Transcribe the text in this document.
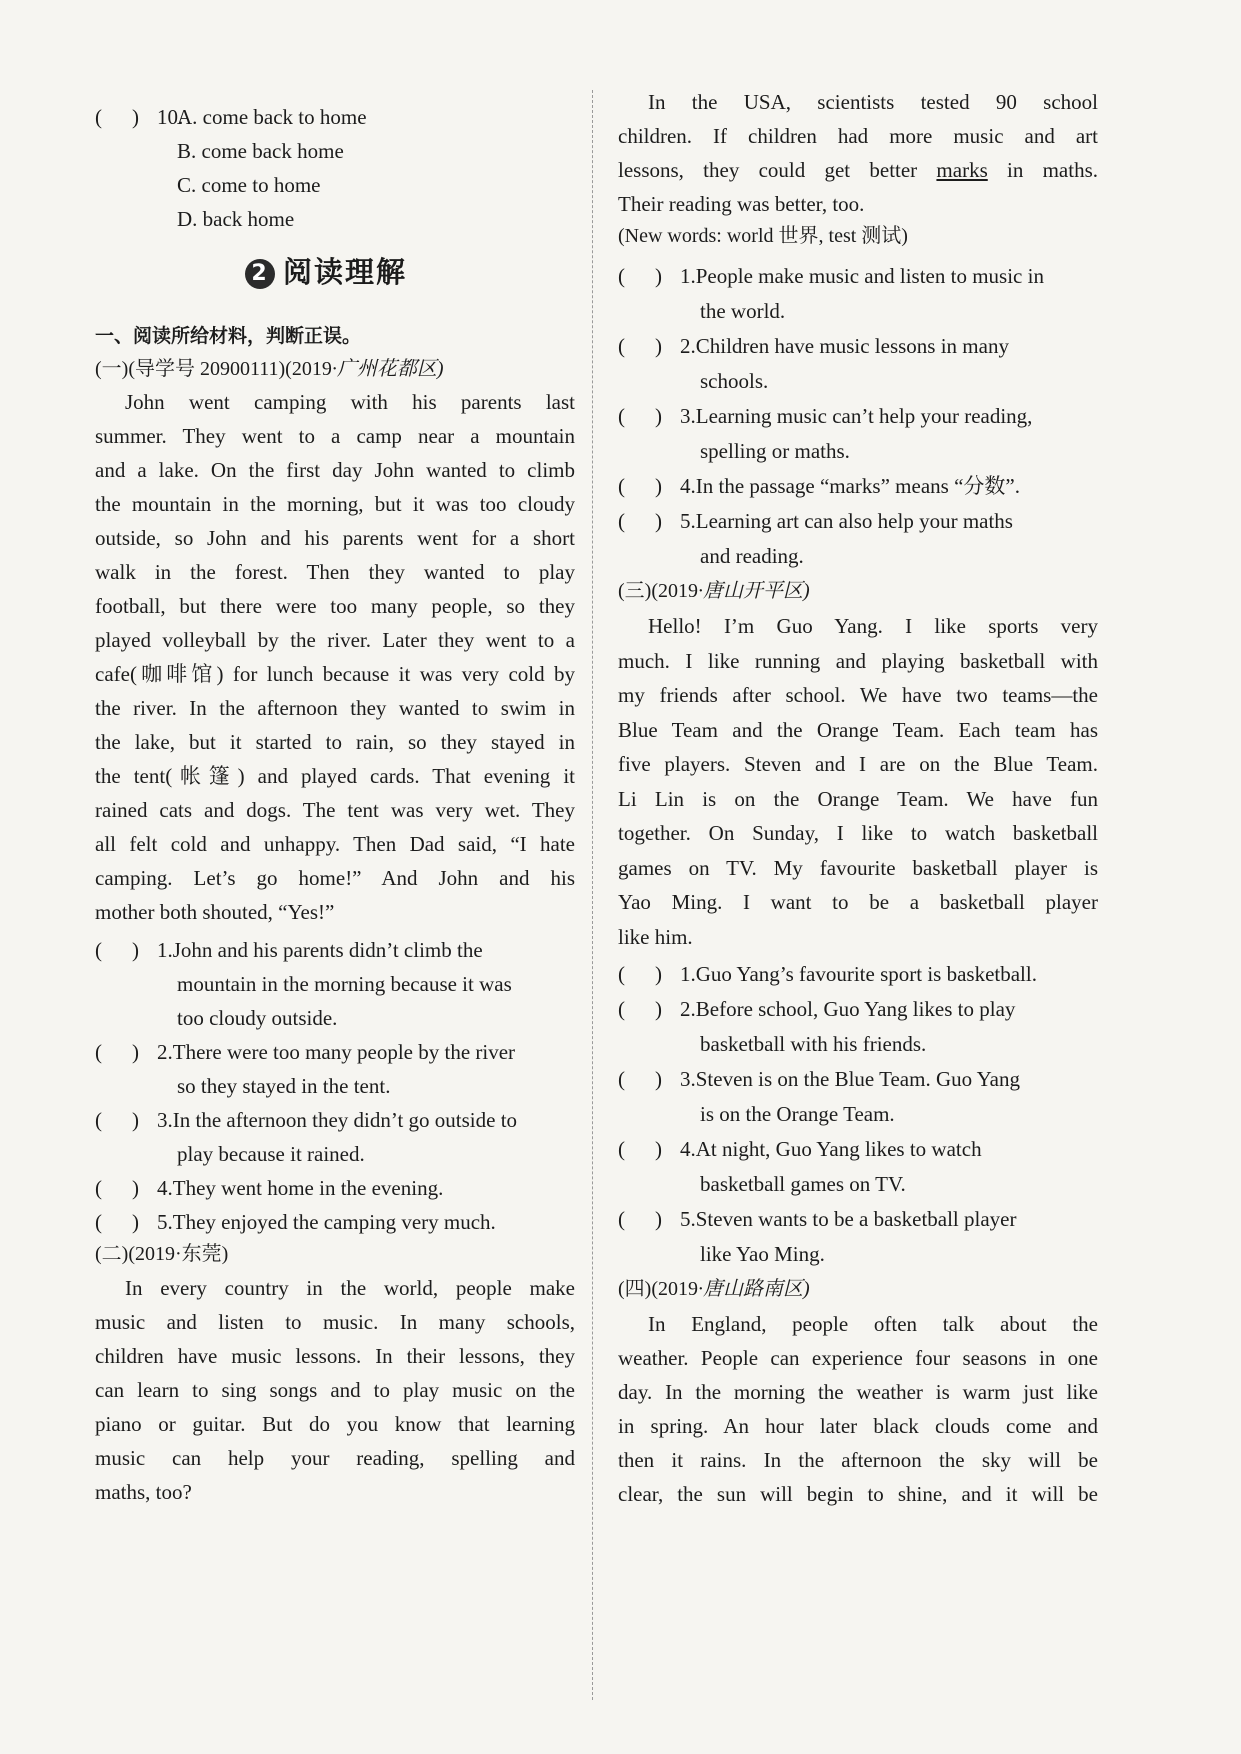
( ) 10.
A. come back to home
B. come back home
C. come to home
D. back home
2 阅读理解
一、阅读所给材料，判断正误。
(一)(导学号 20900111)(2019·广州花都区)
John went camping with his parents last
summer. They went to a camp near a mountain
and a lake. On the first day John wanted to climb
the mountain in the morning, but it was too cloudy
outside, so John and his parents went for a short
walk in the forest. Then they wanted to play
football, but there were too many people, so they
played volleyball by the river. Later they went to a
cafe(咖啡馆) for lunch because it was very cold by
the river. In the afternoon they wanted to swim in
the lake, but it started to rain, so they stayed in
the tent(帐篷) and played cards. That evening it
rained cats and dogs. The tent was very wet. They
all felt cold and unhappy. Then Dad said, “I hate
camping. Let’s go home!” And John and his
mother both shouted, “Yes!”
( ) 1.John and his parents didn’t climb the
mountain in the morning because it was
too cloudy outside.
( ) 2.There were too many people by the river
so they stayed in the tent.
( ) 3.In the afternoon they didn’t go outside to
play because it rained.
( ) 4.They went home in the evening.
( ) 5.They enjoyed the camping very much.
(二)(2019·东莞)
In every country in the world, people make
music and listen to music. In many schools,
children have music lessons. In their lessons, they
can learn to sing songs and to play music on the
piano or guitar. But do you know that learning
music can help your reading, spelling and
maths, too?
In the USA, scientists tested 90 school
children. If children had more music and art
lessons, they could get better marks in maths.
Their reading was better, too.
(New words: world 世界, test 测试)
( ) 1.People make music and listen to music in
the world.
( ) 2.Children have music lessons in many
schools.
( ) 3.Learning music can’t help your reading,
spelling or maths.
( ) 4.In the passage “marks” means “分数”.
( ) 5.Learning art can also help your maths
and reading.
(三)(2019·唐山开平区)
Hello! I’m Guo Yang. I like sports very
much. I like running and playing basketball with
my friends after school. We have two teams—the
Blue Team and the Orange Team. Each team has
five players. Steven and I are on the Blue Team.
Li Lin is on the Orange Team. We have fun
together. On Sunday, I like to watch basketball
games on TV. My favourite basketball player is
Yao Ming. I want to be a basketball player
like him.
( ) 1.Guo Yang’s favourite sport is basketball.
( ) 2.Before school, Guo Yang likes to play
basketball with his friends.
( ) 3.Steven is on the Blue Team. Guo Yang
is on the Orange Team.
( ) 4.At night, Guo Yang likes to watch
basketball games on TV.
( ) 5.Steven wants to be a basketball player
like Yao Ming.
(四)(2019·唐山路南区)
In England, people often talk about the
weather. People can experience four seasons in one
day. In the morning the weather is warm just like
in spring. An hour later black clouds come and
then it rains. In the afternoon the sky will be
clear, the sun will begin to shine, and it will be
